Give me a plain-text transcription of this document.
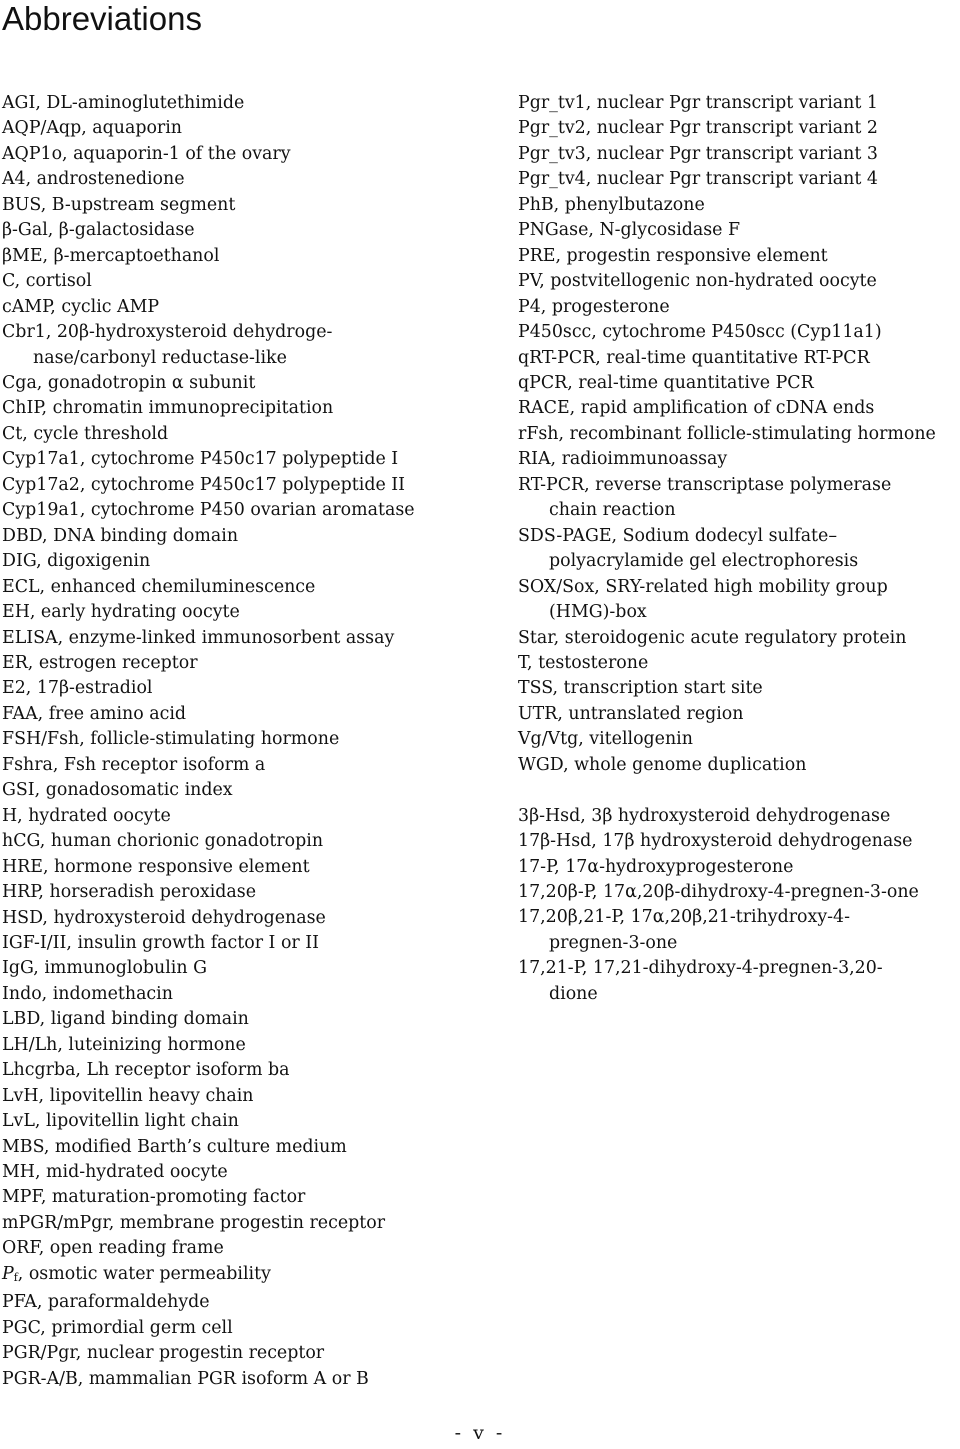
Abbreviations
AGI, DL-aminoglutethimide
AQP/Aqp, aquaporin
AQP1o, aquaporin-1 of the ovary
A4, androstenedione
BUS, B-upstream segment
β-Gal, β-galactosidase
βME, β-mercaptoethanol
C, cortisol
cAMP, cyclic AMP
Cbr1, 20β-hydroxysteroid dehydroge-
nase/carbonyl reductase-like
Cga, gonadotropin α subunit
ChIP, chromatin immunoprecipitation
Ct, cycle threshold
Cyp17a1, cytochrome P450c17 polypeptide I
Cyp17a2, cytochrome P450c17 polypeptide II
Cyp19a1, cytochrome P450 ovarian aromatase
DBD, DNA binding domain
DIG, digoxigenin
ECL, enhanced chemiluminescence
EH, early hydrating oocyte
ELISA, enzyme-linked immunosorbent assay
ER, estrogen receptor
E2, 17β-estradiol
FAA, free amino acid
FSH/Fsh, follicle-stimulating hormone
Fshra, Fsh receptor isoform a
GSI, gonadosomatic index
H, hydrated oocyte
hCG, human chorionic gonadotropin
HRE, hormone responsive element
HRP, horseradish peroxidase
HSD, hydroxysteroid dehydrogenase
IGF-I/II, insulin growth factor I or II
IgG, immunoglobulin G
Indo, indomethacin
LBD, ligand binding domain
LH/Lh, luteinizing hormone
Lhcgrba, Lh receptor isoform ba
LvH, lipovitellin heavy chain
LvL, lipovitellin light chain
MBS, modified Barth’s culture medium
MH, mid-hydrated oocyte
MPF, maturation-promoting factor
mPGR/mPgr, membrane progestin receptor
ORF, open reading frame
$P_f$, osmotic water permeability
PFA, paraformaldehyde
PGC, primordial germ cell
PGR/Pgr, nuclear progestin receptor
PGR-A/B, mammalian PGR isoform A or B
Pgr_tv1, nuclear Pgr transcript variant 1
Pgr_tv2, nuclear Pgr transcript variant 2
Pgr_tv3, nuclear Pgr transcript variant 3
Pgr_tv4, nuclear Pgr transcript variant 4
PhB, phenylbutazone
PNGase, N-glycosidase F
PRE, progestin responsive element
PV, postvitellogenic non-hydrated oocyte
P4, progesterone
P450scc, cytochrome P450scc (Cyp11a1)
qRT-PCR, real-time quantitative RT-PCR
qPCR, real-time quantitative PCR
RACE, rapid amplification of cDNA ends
rFsh, recombinant follicle-stimulating hormone
RIA, radioimmunoassay
RT-PCR, reverse transcriptase polymerase
chain reaction
SDS-PAGE, Sodium dodecyl sulfate–
polyacrylamide gel electrophoresis
SOX/Sox, SRY-related high mobility group
(HMG)-box
Star, steroidogenic acute regulatory protein
T, testosterone
TSS, transcription start site
UTR, untranslated region
Vg/Vtg, vitellogenin
WGD, whole genome duplication
3β-Hsd, 3β hydroxysteroid dehydrogenase
17β-Hsd, 17β hydroxysteroid dehydrogenase
17-P, 17α-hydroxyprogesterone
17,20β-P, 17α,20β-dihydroxy-4-pregnen-3-one
17,20β,21-P, 17α,20β,21-trihydroxy-4-
pregnen-3-one
17,21-P, 17,21-dihydroxy-4-pregnen-3,20-
dione
- v -
